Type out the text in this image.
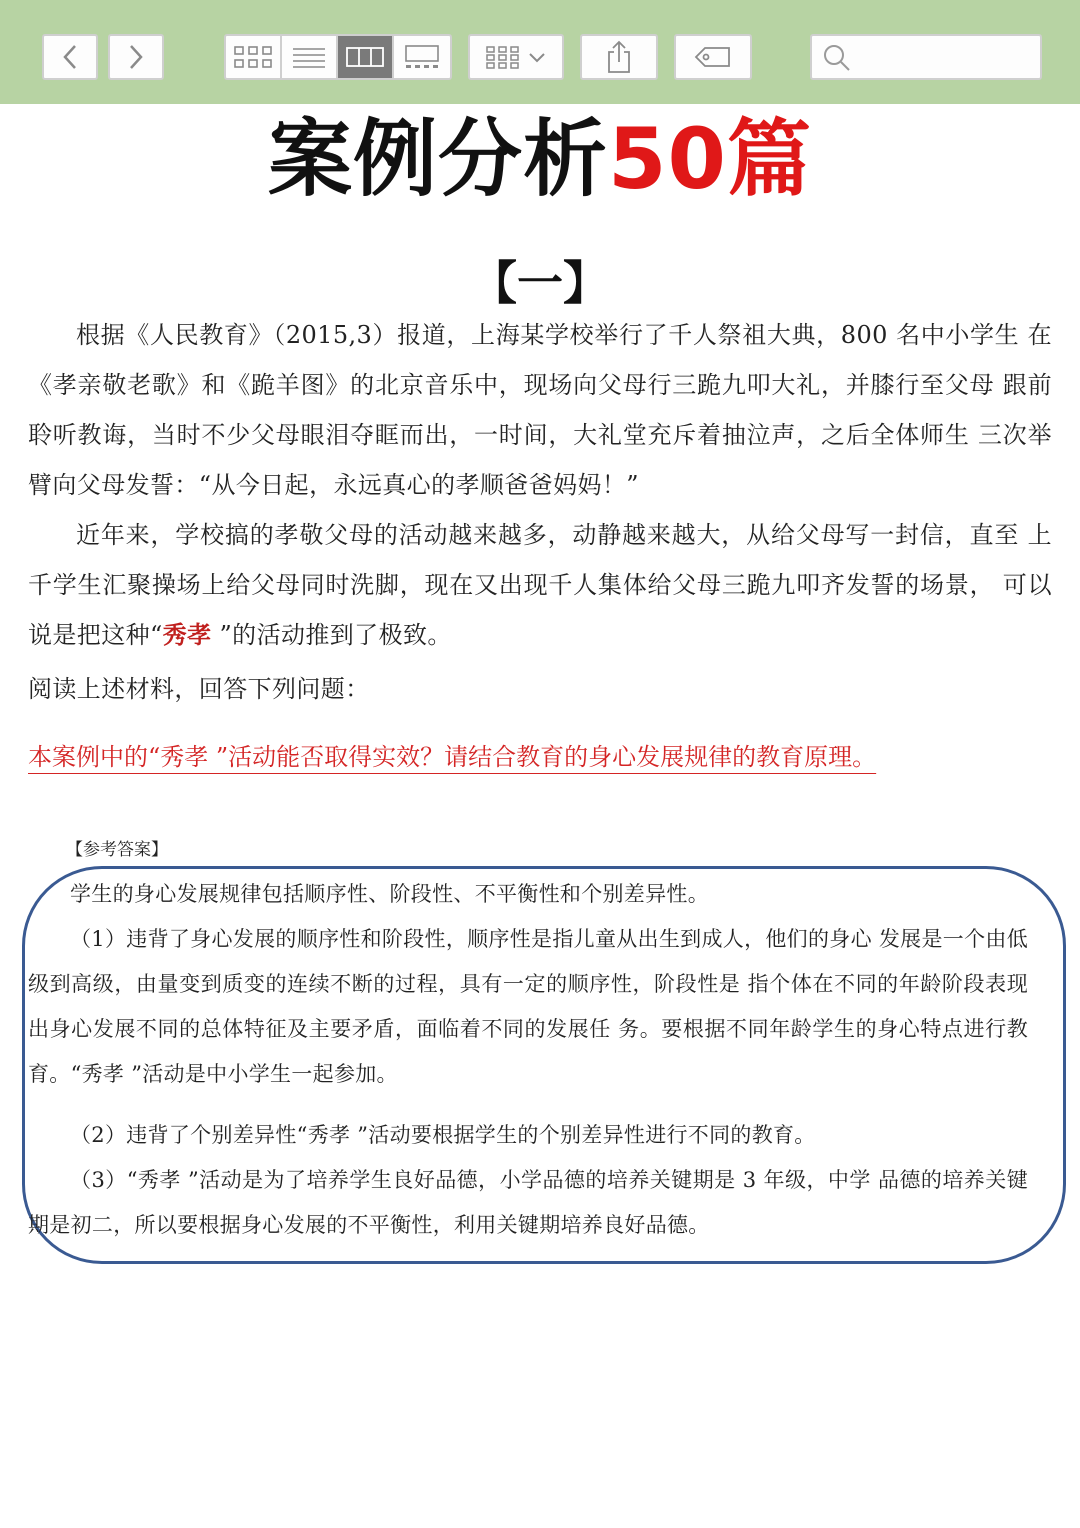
案例分析50篇
【一】

根据《人民教育》（2015,3）报道，上海某学校举行了千人祭祖大典，800 名中小学生 在《孝亲敬老歌》和《跪羊图》的北京音乐中，现场向父母行三跪九叩大礼，并膝行至父母 跟前聆听教诲，当时不少父母眼泪夺眶而出，一时间，大礼堂充斥着抽泣声，之后全体师生 三次举臂向父母发誓：“从今日起，永远真心的孝顺爸爸妈妈！”

近年来，学校搞的孝敬父母的活动越来越多，动静越来越大，从给父母写一封信，直至 上千学生汇聚操场上给父母同时洗脚，现在又出现千人集体给父母三跪九叩齐发誓的场景， 可以说是把这种“秀孝 ”的活动推到了极致。

阅读上述材料，回答下列问题：

本案例中的“秀孝 ”活动能否取得实效？请结合教育的身心发展规律的教育原理。
【参考答案】

学生的身心发展规律包括顺序性、阶段性、不平衡性和个别差异性。

（1）违背了身心发展的顺序性和阶段性，顺序性是指儿童从出生到成人，他们的身心 发展是一个由低级到高级，由量变到质变的连续不断的过程，具有一定的顺序性，阶段性是 指个体在不同的年龄阶段表现出身心发展不同的总体特征及主要矛盾，面临着不同的发展任 务。要根据不同年龄学生的身心特点进行教育。“秀孝 ”活动是中小学生一起参加。

（2）违背了个别差异性“秀孝 ”活动要根据学生的个别差异性进行不同的教育。

（3）“秀孝 ”活动是为了培养学生良好品德，小学品德的培养关键期是 3 年级，中学 品德的培养关键期是初二，所以要根据身心发展的不平衡性，利用关键期培养良好品德。
